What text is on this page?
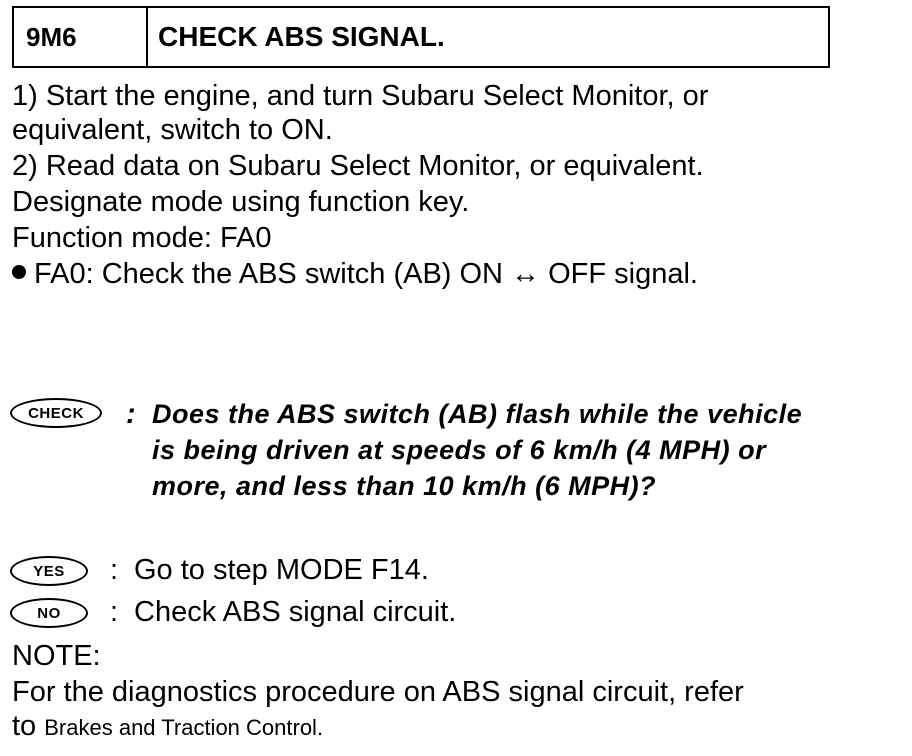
9M6	CHECK ABS SIGNAL.
1) Start the engine, and turn Subaru Select Monitor, or
equivalent, switch to ON.
2) Read data on Subaru Select Monitor, or equivalent.
Designate mode using function key.
Function mode: FA0
FA0: Check the ABS switch (AB) ON ↔ OFF signal.
CHECK	: Does the ABS switch (AB) flash while the vehicle is being driven at speeds of 6 km/h (4 MPH) or more, and less than 10 km/h (6 MPH)?
YES	: Go to step MODE F14.
NO	: Check ABS signal circuit.
NOTE:
For the diagnostics procedure on ABS signal circuit, refer
to Brakes and Traction Control.
